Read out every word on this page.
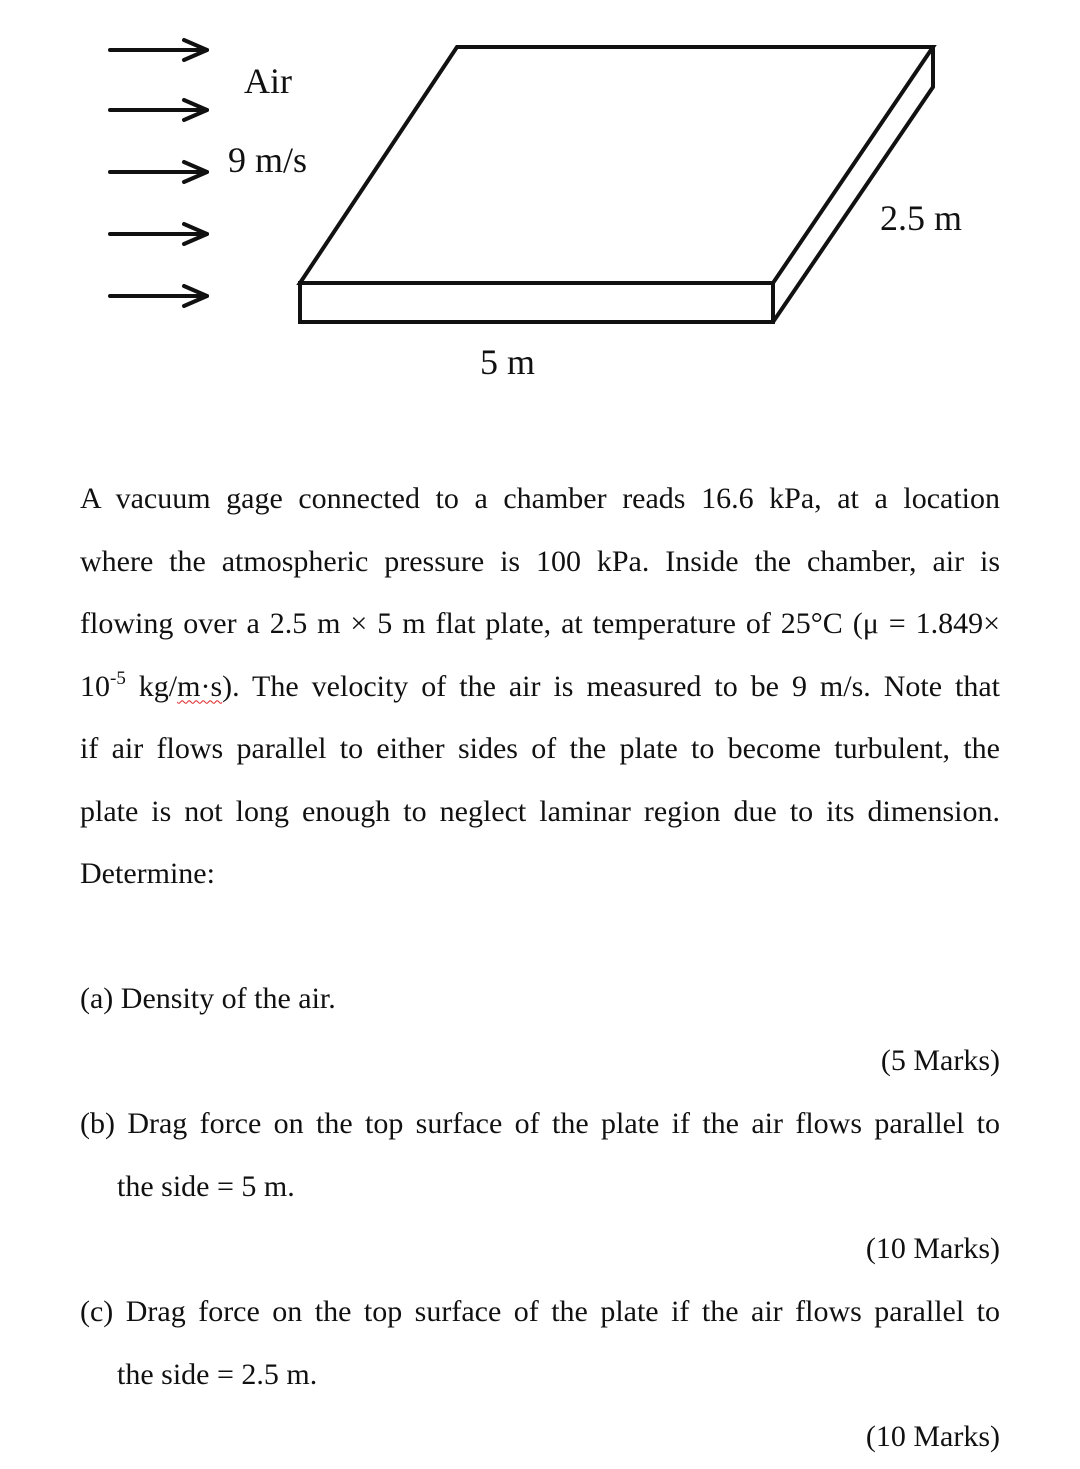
Air
9 m/s
2.5 m
5 m
A vacuum gage connected to a chamber reads 16.6 kPa, at a location
where the atmospheric pressure is 100 kPa. Inside the chamber, air is
flowing over a 2.5 m × 5 m flat plate, at temperature of 25°C (μ = 1.849×
$10^{-5}$ kg/m·s). The velocity of the air is measured to be 9 m/s. Note that
if air flows parallel to either sides of the plate to become turbulent, the
plate is not long enough to neglect laminar region due to its dimension.
Determine:

(a) Density of the air.

(5 Marks)

(b) Drag force on the top surface of the plate if the air flows parallel to
the side = 5 m.

(10 Marks)

(c) Drag force on the top surface of the plate if the air flows parallel to
the side = 2.5 m.

(10 Marks)
